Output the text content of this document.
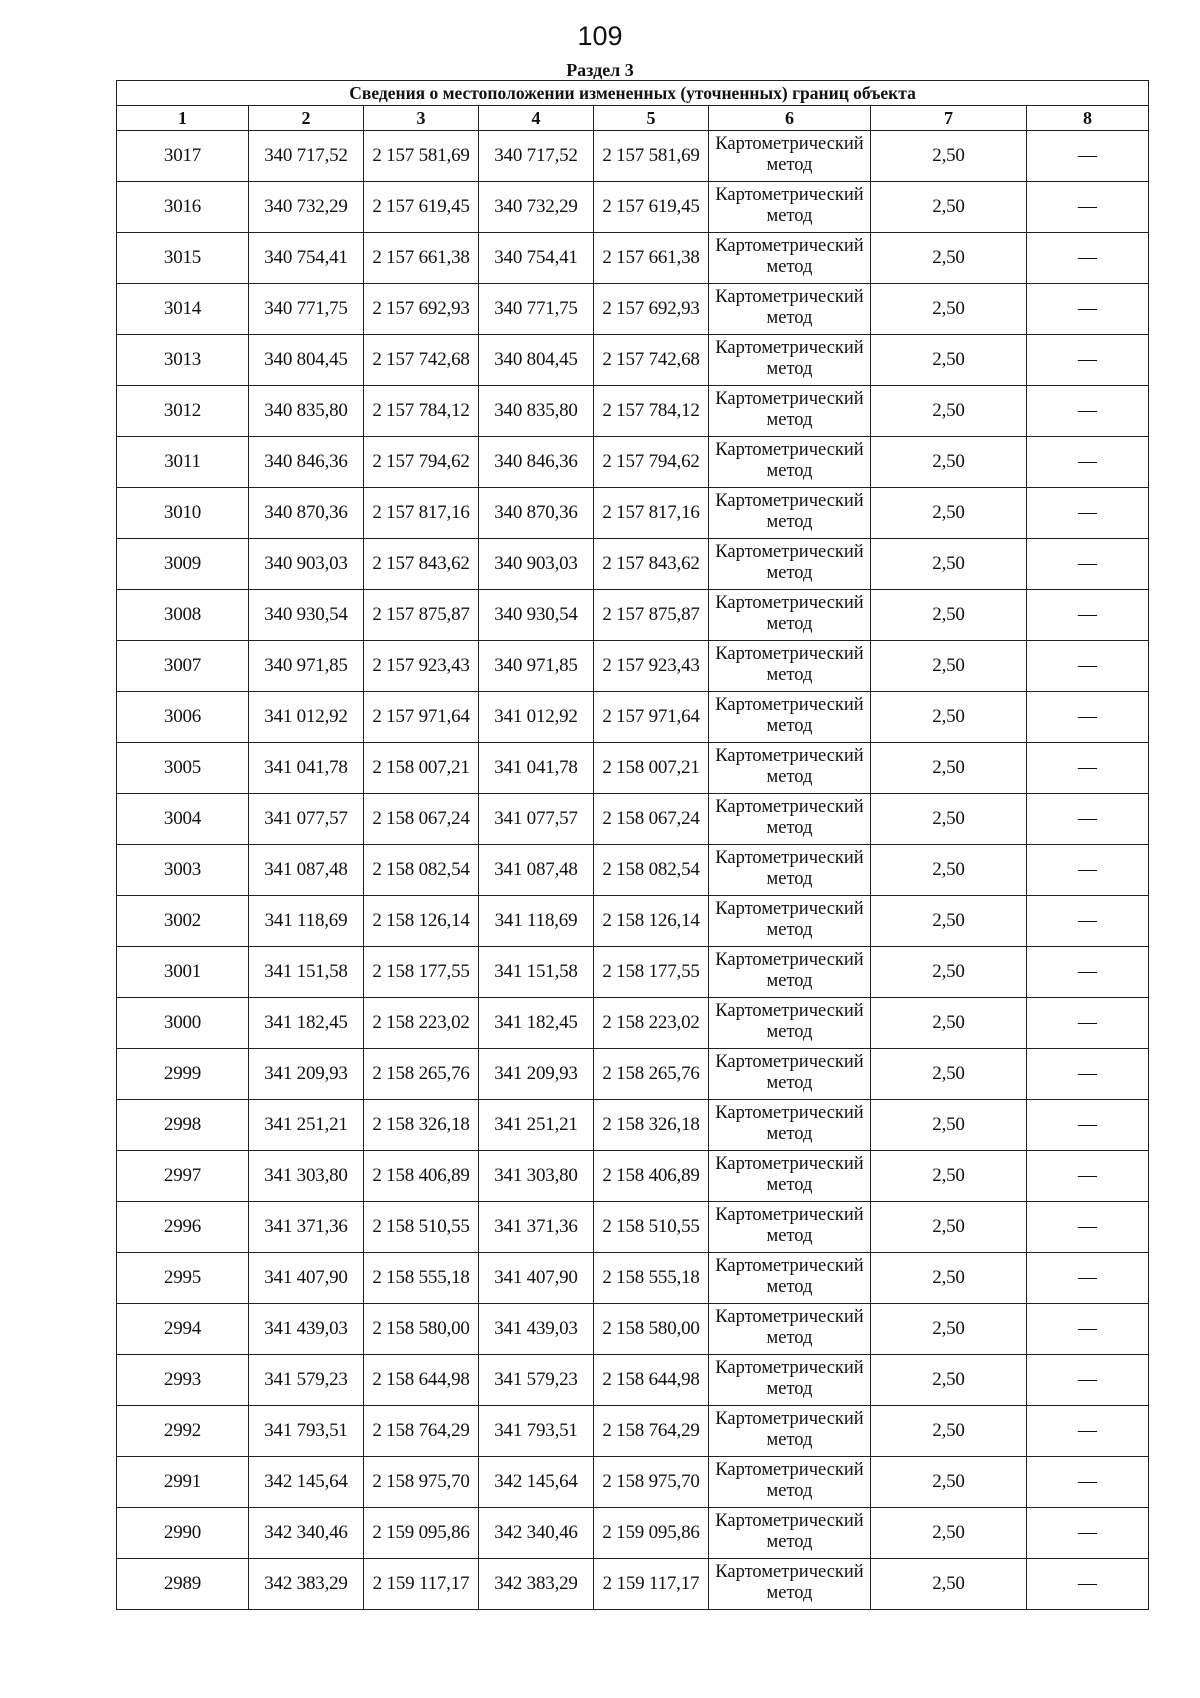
109
Раздел 3
Сведения о местоположении измененных (уточненных) границ объекта							
1	2	3	4	5	6	7	8
3017	340 717,52	2 157 581,69	340 717,52	2 157 581,69	Картометрический метод	2,50	—
3016	340 732,29	2 157 619,45	340 732,29	2 157 619,45	Картометрический метод	2,50	—
3015	340 754,41	2 157 661,38	340 754,41	2 157 661,38	Картометрический метод	2,50	—
3014	340 771,75	2 157 692,93	340 771,75	2 157 692,93	Картометрический метод	2,50	—
3013	340 804,45	2 157 742,68	340 804,45	2 157 742,68	Картометрический метод	2,50	—
3012	340 835,80	2 157 784,12	340 835,80	2 157 784,12	Картометрический метод	2,50	—
3011	340 846,36	2 157 794,62	340 846,36	2 157 794,62	Картометрический метод	2,50	—
3010	340 870,36	2 157 817,16	340 870,36	2 157 817,16	Картометрический метод	2,50	—
3009	340 903,03	2 157 843,62	340 903,03	2 157 843,62	Картометрический метод	2,50	—
3008	340 930,54	2 157 875,87	340 930,54	2 157 875,87	Картометрический метод	2,50	—
3007	340 971,85	2 157 923,43	340 971,85	2 157 923,43	Картометрический метод	2,50	—
3006	341 012,92	2 157 971,64	341 012,92	2 157 971,64	Картометрический метод	2,50	—
3005	341 041,78	2 158 007,21	341 041,78	2 158 007,21	Картометрический метод	2,50	—
3004	341 077,57	2 158 067,24	341 077,57	2 158 067,24	Картометрический метод	2,50	—
3003	341 087,48	2 158 082,54	341 087,48	2 158 082,54	Картометрический метод	2,50	—
3002	341 118,69	2 158 126,14	341 118,69	2 158 126,14	Картометрический метод	2,50	—
3001	341 151,58	2 158 177,55	341 151,58	2 158 177,55	Картометрический метод	2,50	—
3000	341 182,45	2 158 223,02	341 182,45	2 158 223,02	Картометрический метод	2,50	—
2999	341 209,93	2 158 265,76	341 209,93	2 158 265,76	Картометрический метод	2,50	—
2998	341 251,21	2 158 326,18	341 251,21	2 158 326,18	Картометрический метод	2,50	—
2997	341 303,80	2 158 406,89	341 303,80	2 158 406,89	Картометрический метод	2,50	—
2996	341 371,36	2 158 510,55	341 371,36	2 158 510,55	Картометрический метод	2,50	—
2995	341 407,90	2 158 555,18	341 407,90	2 158 555,18	Картометрический метод	2,50	—
2994	341 439,03	2 158 580,00	341 439,03	2 158 580,00	Картометрический метод	2,50	—
2993	341 579,23	2 158 644,98	341 579,23	2 158 644,98	Картометрический метод	2,50	—
2992	341 793,51	2 158 764,29	341 793,51	2 158 764,29	Картометрический метод	2,50	—
2991	342 145,64	2 158 975,70	342 145,64	2 158 975,70	Картометрический метод	2,50	—
2990	342 340,46	2 159 095,86	342 340,46	2 159 095,86	Картометрический метод	2,50	—
2989	342 383,29	2 159 117,17	342 383,29	2 159 117,17	Картометрический метод	2,50	—
